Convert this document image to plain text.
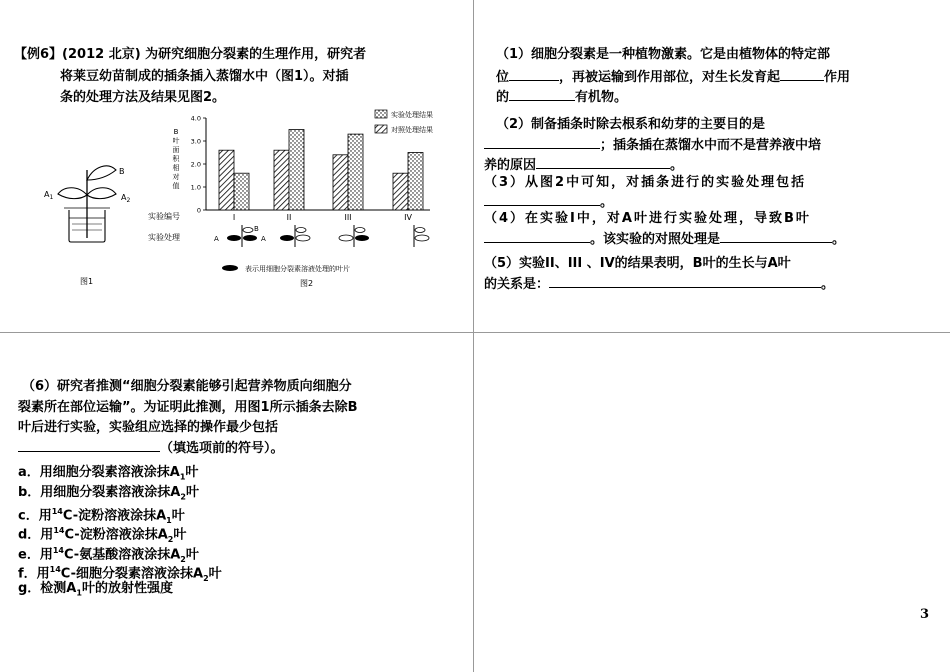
【例6】(2012 北京) 为研究细胞分裂素的生理作用，研究者
将莱豆幼苗制成的插条插入蒸馏水中（图1）。对插
条的处理方法及结果见图2。
B
$A_1$	$A_2$
图1
B
叶
面
积
相
对
值
0
1.0
2.0
3.0
4.0
I	II	III	IV
实验处理结果
对照处理结果
实验编号
实验处理
B
A	A
表示用细胞分裂素溶液处理的叶片
图2
（1）细胞分裂素是一种植物激素。它是由植物体的特定部
位	，再被运输到作用部位，对生长发育起	作用
的	有机物。
（2）制备插条时除去根系和幼芽的主要目的是
；插条插在蒸馏水中而不是营养液中培
养的原因	。
（3）从图2中可知，对插条进行的实验处理包括
。
（4）在实验I中，对A叶进行实验处理，导致B叶
。该实验的对照处理是	。
（5）实验II、III 、IV的结果表明，B叶的生长与A叶
的关系是：	。
（6）研究者推测“细胞分裂素能够引起营养物质向细胞分
裂素所在部位运输”。为证明此推测，用图1所示插条去除B
叶后进行实验，实验组应选择的操作最少包括
（填选项前的符号）。
a．用细胞分裂素溶液涂抹$A_1$叶
b．用细胞分裂素溶液涂抹$A_2$叶
c．用$^{14}$C-淀粉溶液涂抹$A_1$叶
d．用$^{14}$C-淀粉溶液涂抹$A_2$叶
e．用$^{14}$C-氨基酸溶液涂抹$A_2$叶
f．用$^{14}$C-细胞分裂素溶液涂抹$A_2$叶
g．检测$A_1$叶的放射性强度
3
